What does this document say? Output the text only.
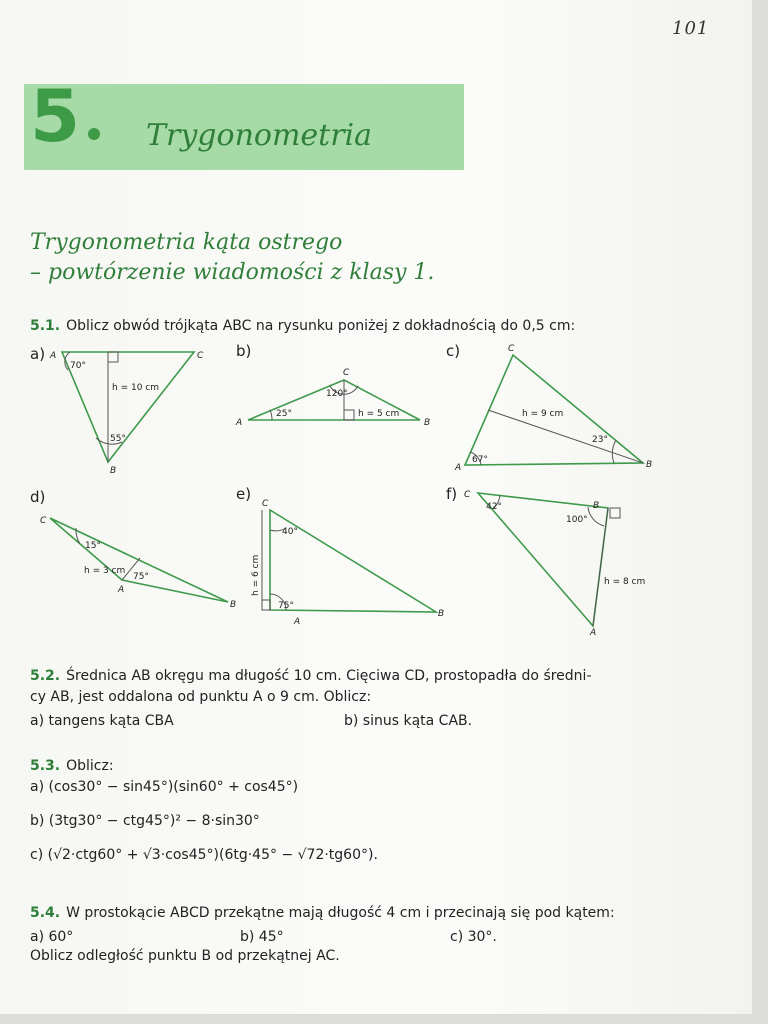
101
5 Trygonometria
Trygonometria kąta ostrego
– powtórzenie wiadomości z klasy 1.
5.1. Oblicz obwód trójkąta ABC na rysunku poniżej z dokładnością do 0,5 cm:
a)	b)	c)
d)	e)	f)
A	C
B
70°
55°
h = 10 cm
A	B
C
25°
120°
h = 5 cm
A	B
C
67°
23°
h = 9 cm
C
A
B
15°
75°
h = 3 cm
C
A
B
40°
75°
h = 6 cm
C
B
A
42°
100°
h = 8 cm
5.2. Średnica AB okręgu ma długość 10 cm. Cięciwa CD, prostopadła do średni-
cy AB, jest oddalona od punktu A o 9 cm. Oblicz:
a) tangens kąta CBA	b) sinus kąta CAB.
5.3. Oblicz:
a) (cos30° − sin45°)(sin60° + cos45°)
b) (3tg30° − ctg45°)² − 8·sin30°
c) (√2·ctg60° + √3·cos45°)(6tg·45° − √72·tg60°).
5.4. W prostokącie ABCD przekątne mają długość 4 cm i przecinają się pod kątem:
a) 60°	b) 45°	c) 30°.
Oblicz odległość punktu B od przekątnej AC.
